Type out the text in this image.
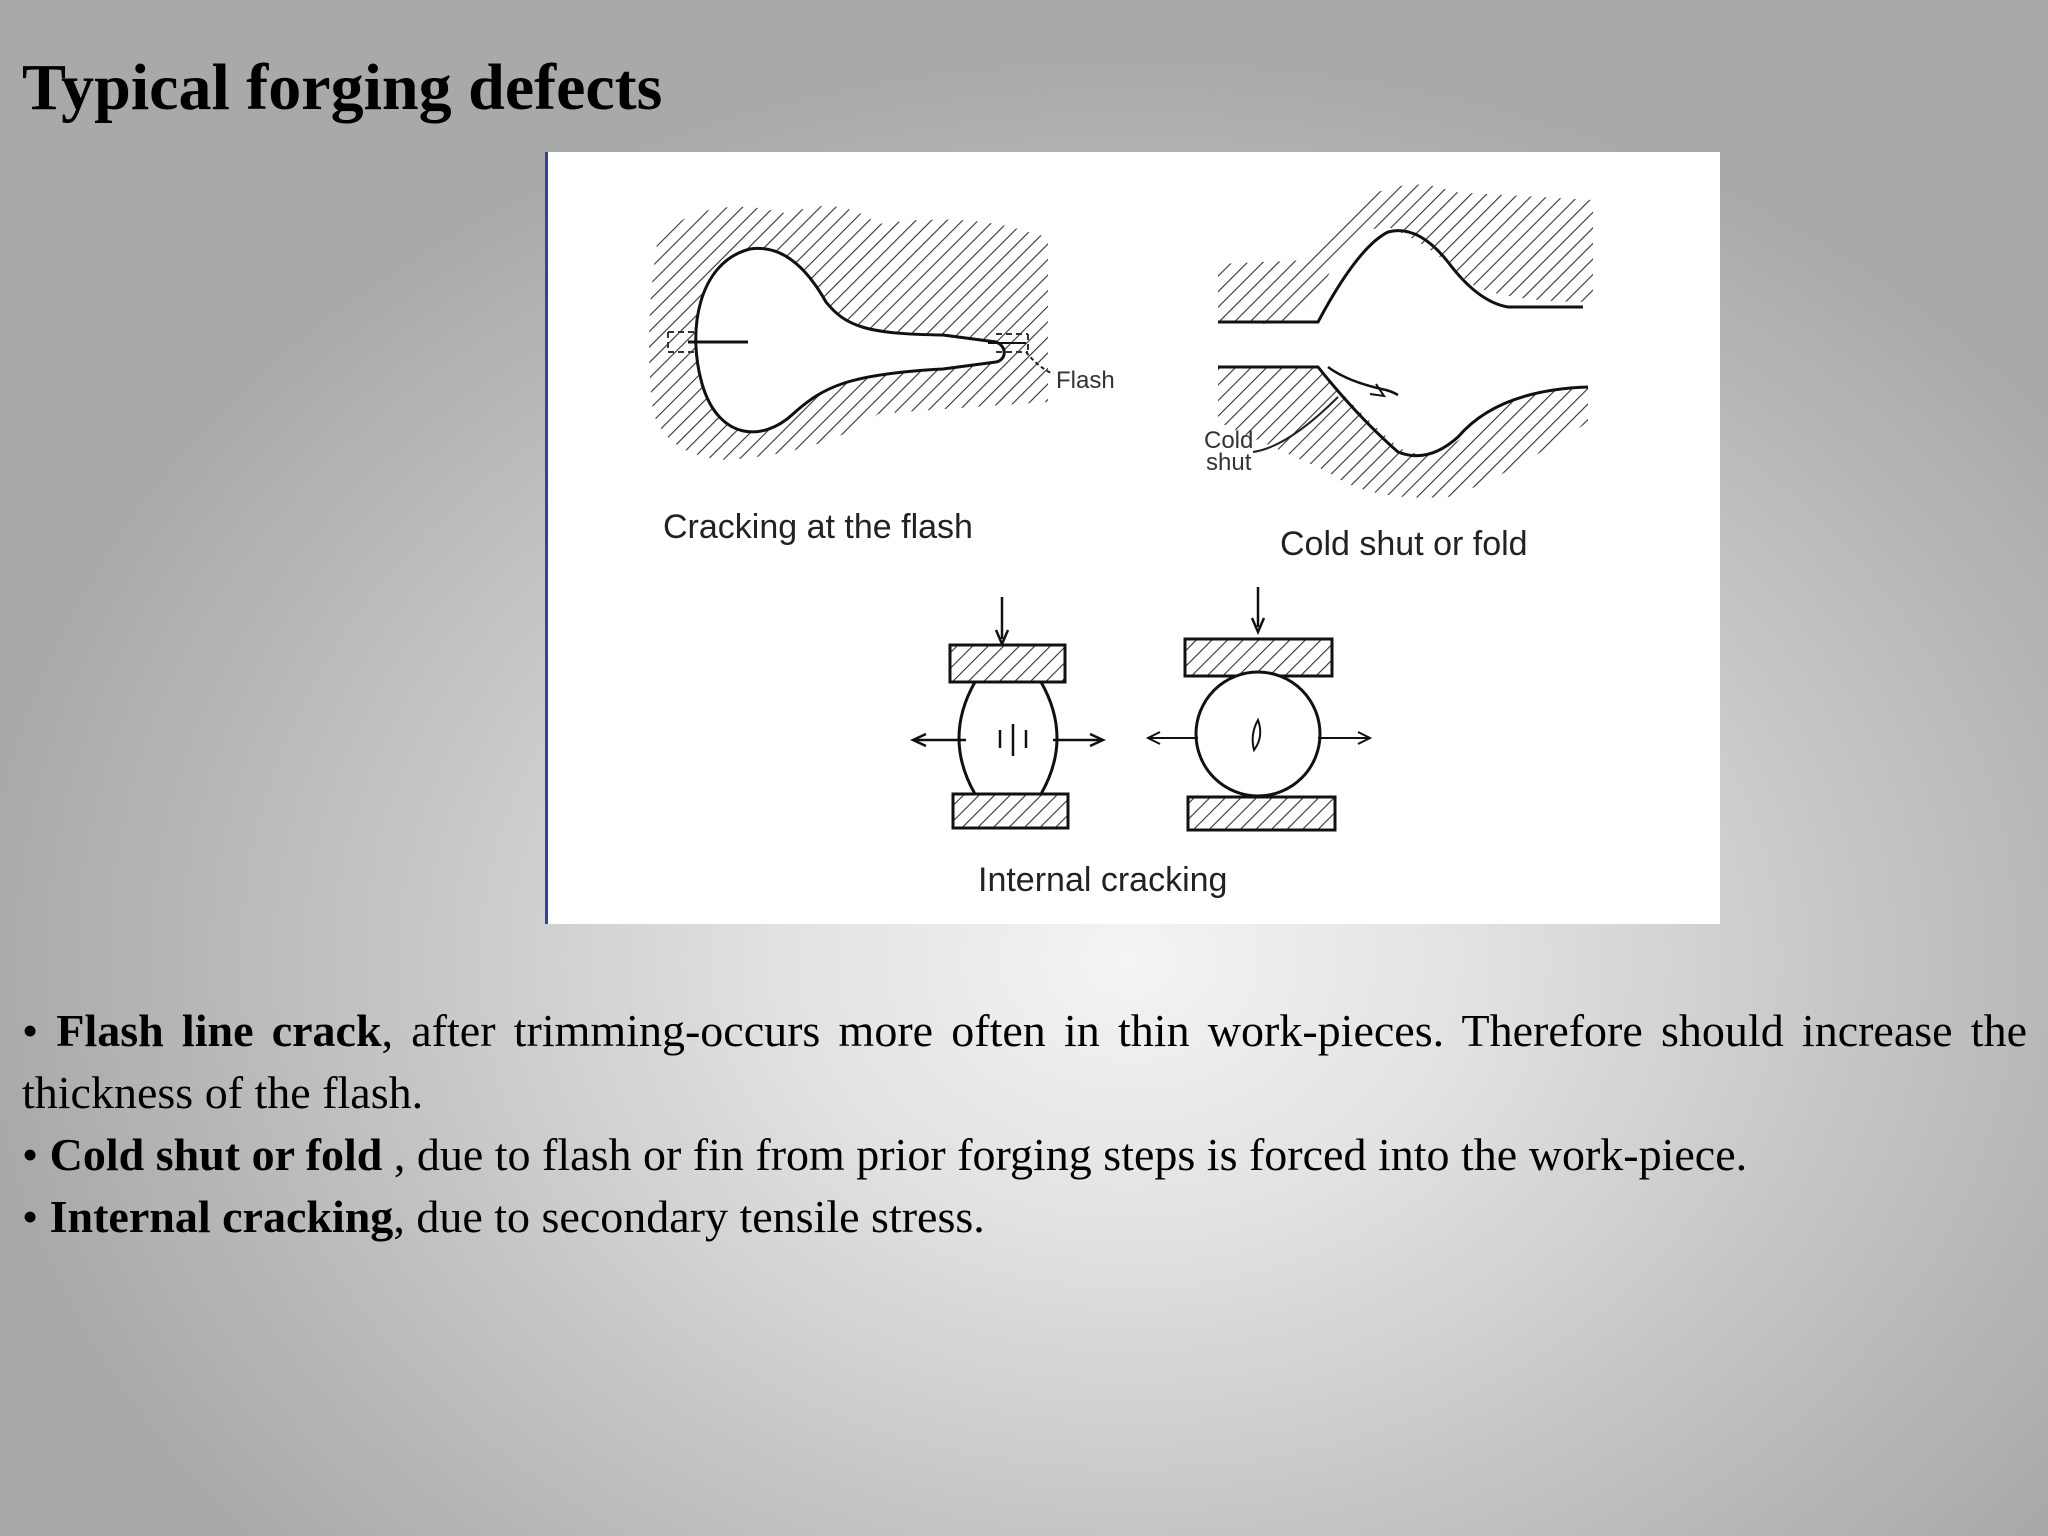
Typical forging defects
Flash
Cold
shut
Cracking at the flash	Cold shut or fold
Internal cracking

• Flash line crack, after trimming-occurs more often in thin work-pieces. Therefore should increase the thickness of the flash.

• Cold shut or fold , due to flash or fin from prior forging steps is forced into the work-piece.

• Internal cracking, due to secondary tensile stress.
